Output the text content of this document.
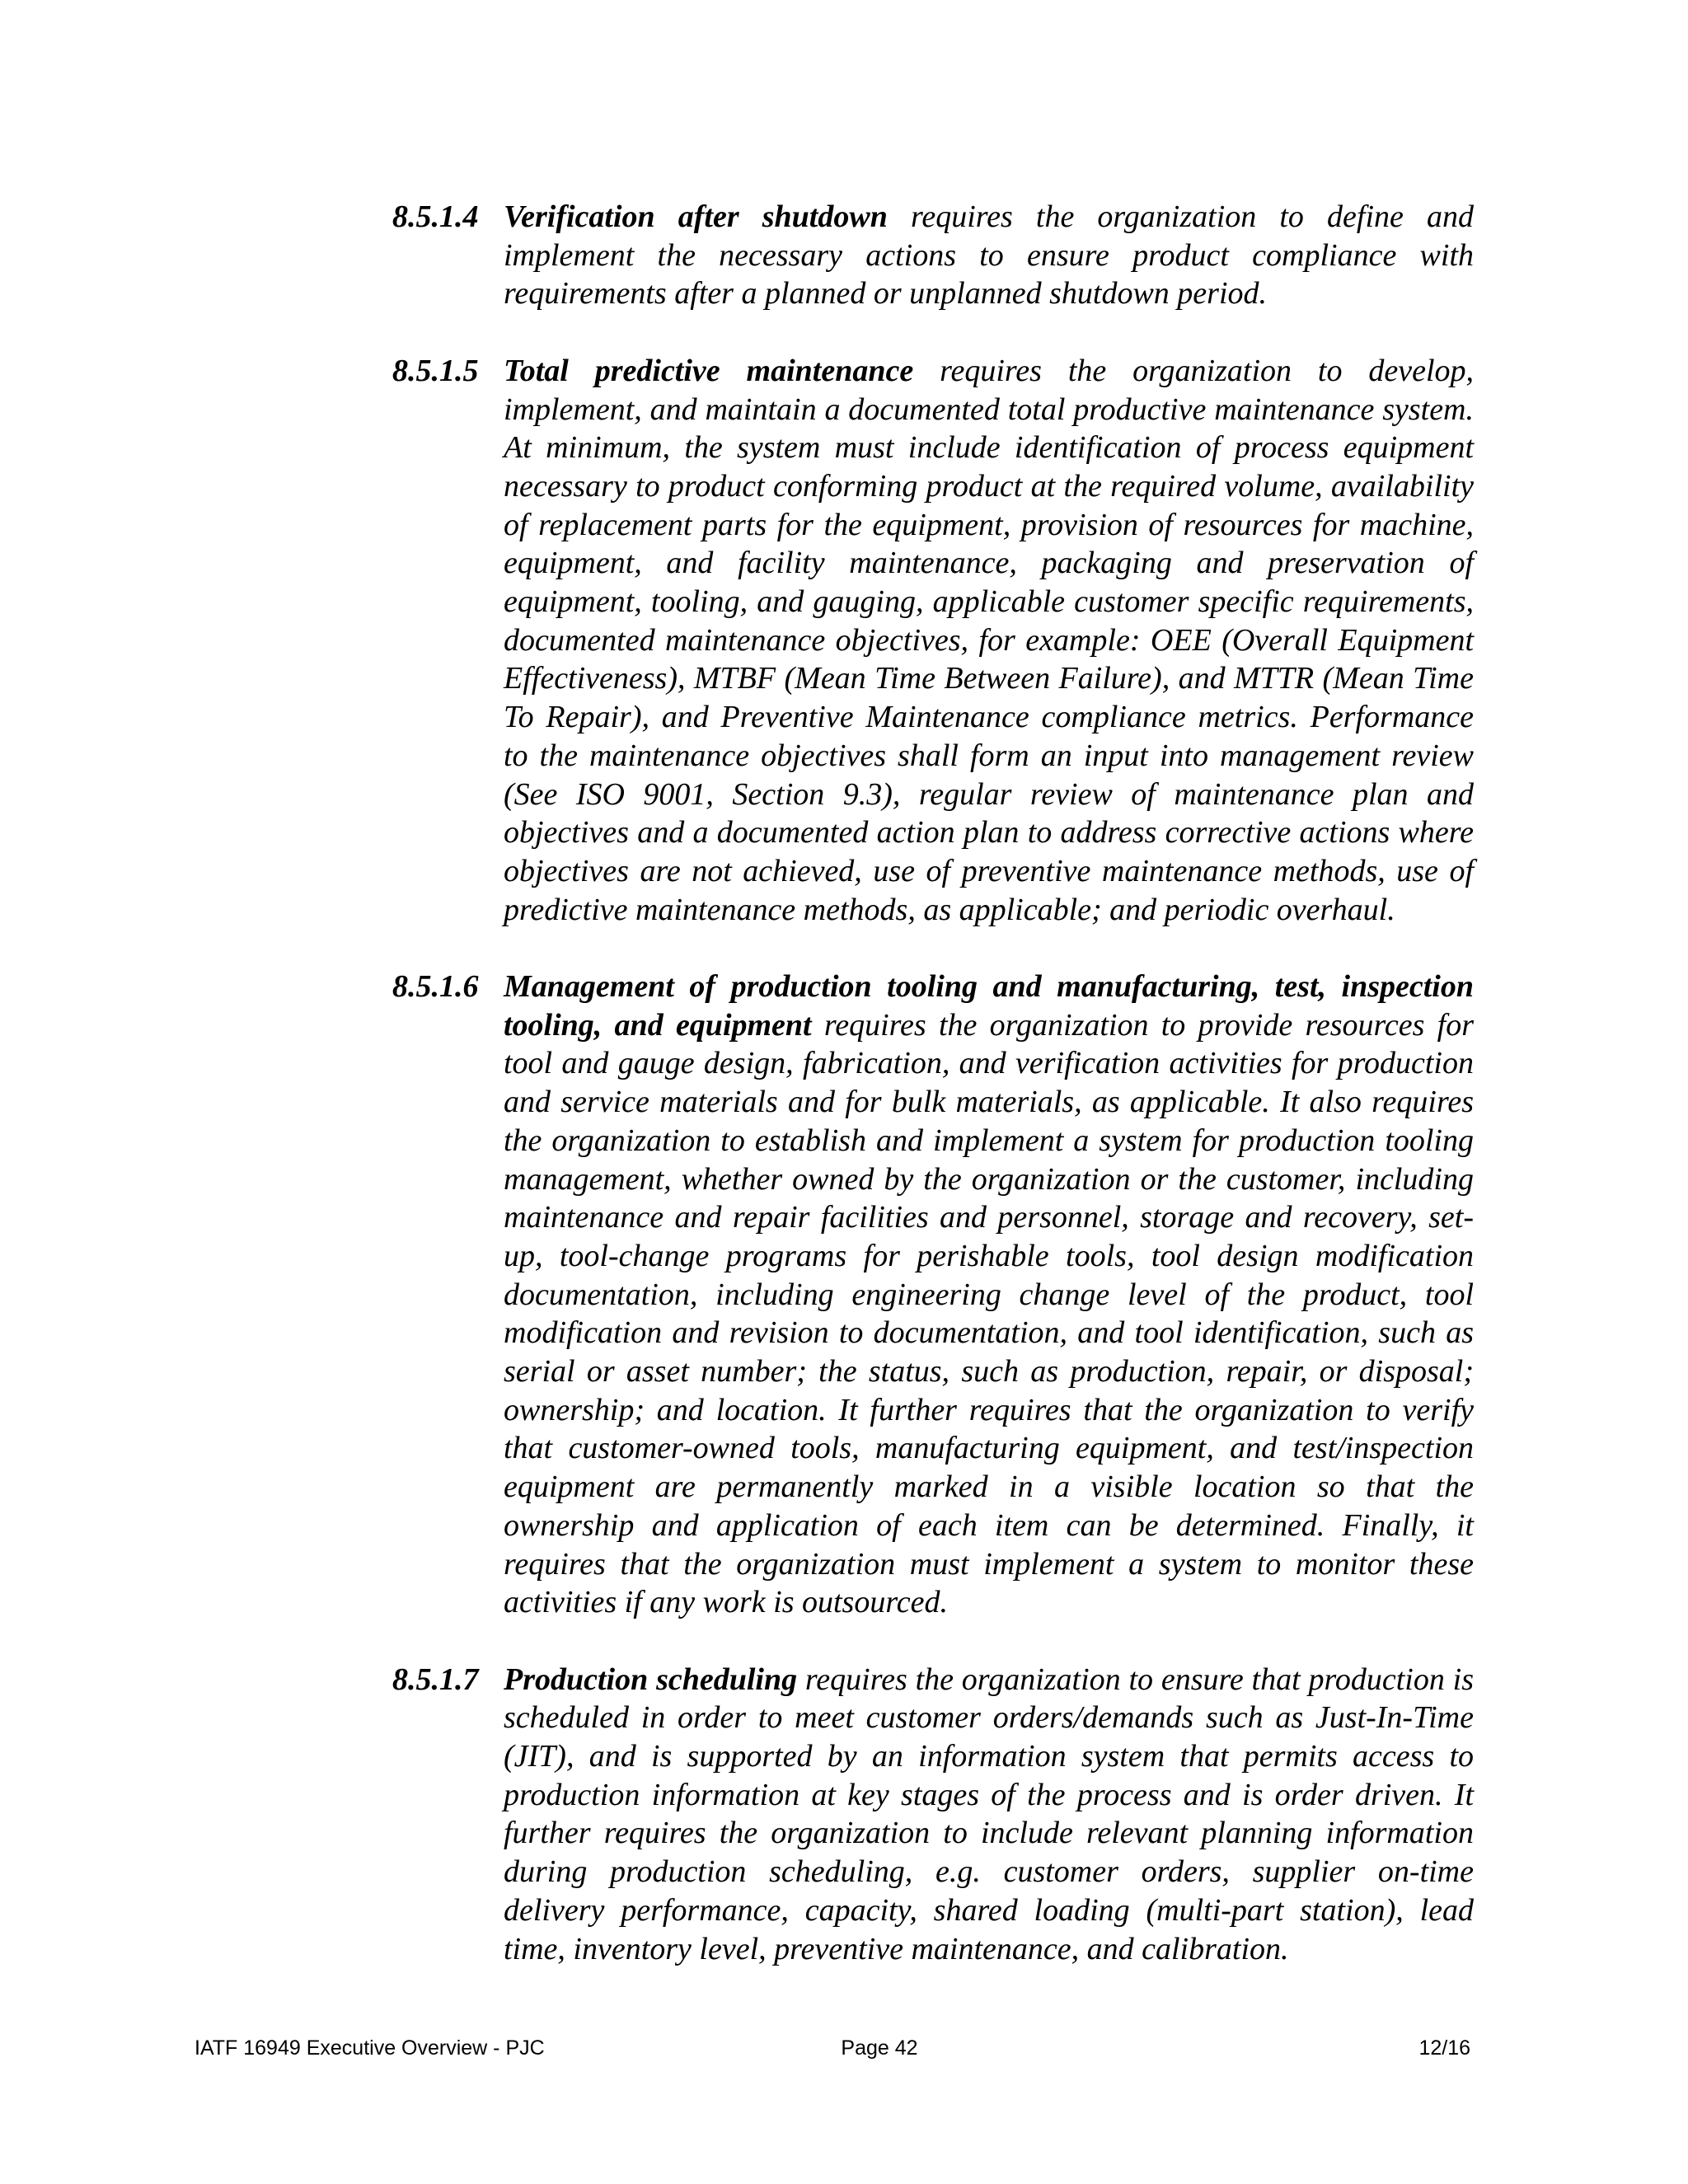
8.5.1.4 Verification after shutdown requires the organization to define and implement the necessary actions to ensure product compliance with requirements after a planned or unplanned shutdown period.
8.5.1.5 Total predictive maintenance requires the organization to develop, implement, and maintain a documented total productive maintenance system. At minimum, the system must include identification of process equipment necessary to product conforming product at the required volume, availability of replacement parts for the equipment, provision of resources for machine, equipment, and facility maintenance, packaging and preservation of equipment, tooling, and gauging, applicable customer specific requirements, documented maintenance objectives, for example: OEE (Overall Equipment Effectiveness), MTBF (Mean Time Between Failure), and MTTR (Mean Time To Repair), and Preventive Maintenance compliance metrics. Performance to the maintenance objectives shall form an input into management review (See ISO 9001, Section 9.3), regular review of maintenance plan and objectives and a documented action plan to address corrective actions where objectives are not achieved, use of preventive maintenance methods, use of predictive maintenance methods, as applicable; and periodic overhaul.
8.5.1.6 Management of production tooling and manufacturing, test, inspection tooling, and equipment requires the organization to provide resources for tool and gauge design, fabrication, and verification activities for production and service materials and for bulk materials, as applicable. It also requires the organization to establish and implement a system for production tooling management, whether owned by the organization or the customer, including maintenance and repair facilities and personnel, storage and recovery, set-up, tool-change programs for perishable tools, tool design modification documentation, including engineering change level of the product, tool modification and revision to documentation, and tool identification, such as serial or asset number; the status, such as production, repair, or disposal; ownership; and location. It further requires that the organization to verify that customer-owned tools, manufacturing equipment, and test/inspection equipment are permanently marked in a visible location so that the ownership and application of each item can be determined. Finally, it requires that the organization must implement a system to monitor these activities if any work is outsourced.
8.5.1.7 Production scheduling requires the organization to ensure that production is scheduled in order to meet customer orders/demands such as Just-In-Time (JIT), and is supported by an information system that permits access to production information at key stages of the process and is order driven. It further requires the organization to include relevant planning information during production scheduling, e.g. customer orders, supplier on-time delivery performance, capacity, shared loading (multi-part station), lead time, inventory level, preventive maintenance, and calibration.
IATF 16949 Executive Overview - PJC	Page 42	12/16
